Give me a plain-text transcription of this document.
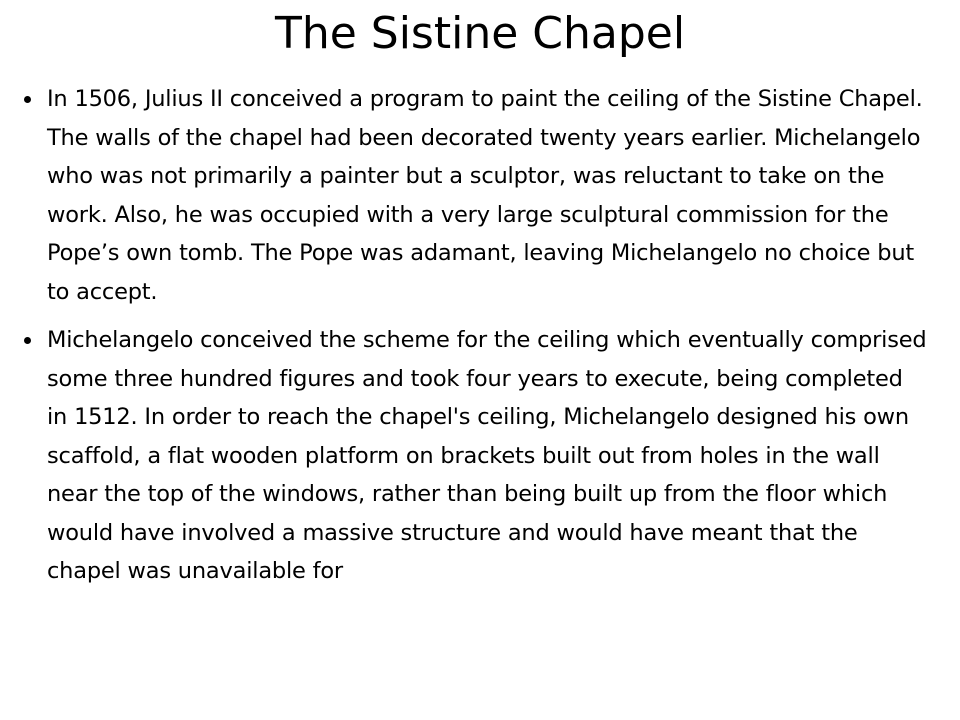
The Sistine Chapel
In 1506, Julius II conceived a program to paint the ceiling of the Sistine Chapel. The walls of the chapel had been decorated twenty years earlier. Michelangelo who was not primarily a painter but a sculptor, was reluctant to take on the work. Also, he was occupied with a very large sculptural commission for the Pope’s own tomb. The Pope was adamant, leaving Michelangelo no choice but to accept.
Michelangelo conceived the scheme for the ceiling which eventually comprised some three hundred figures and took four years to execute, being completed in 1512. In order to reach the chapel's ceiling, Michelangelo designed his own scaffold, a flat wooden platform on brackets built out from holes in the wall near the top of the windows, rather than being built up from the floor which would have involved a massive structure and would have meant that the chapel was unavailable for
